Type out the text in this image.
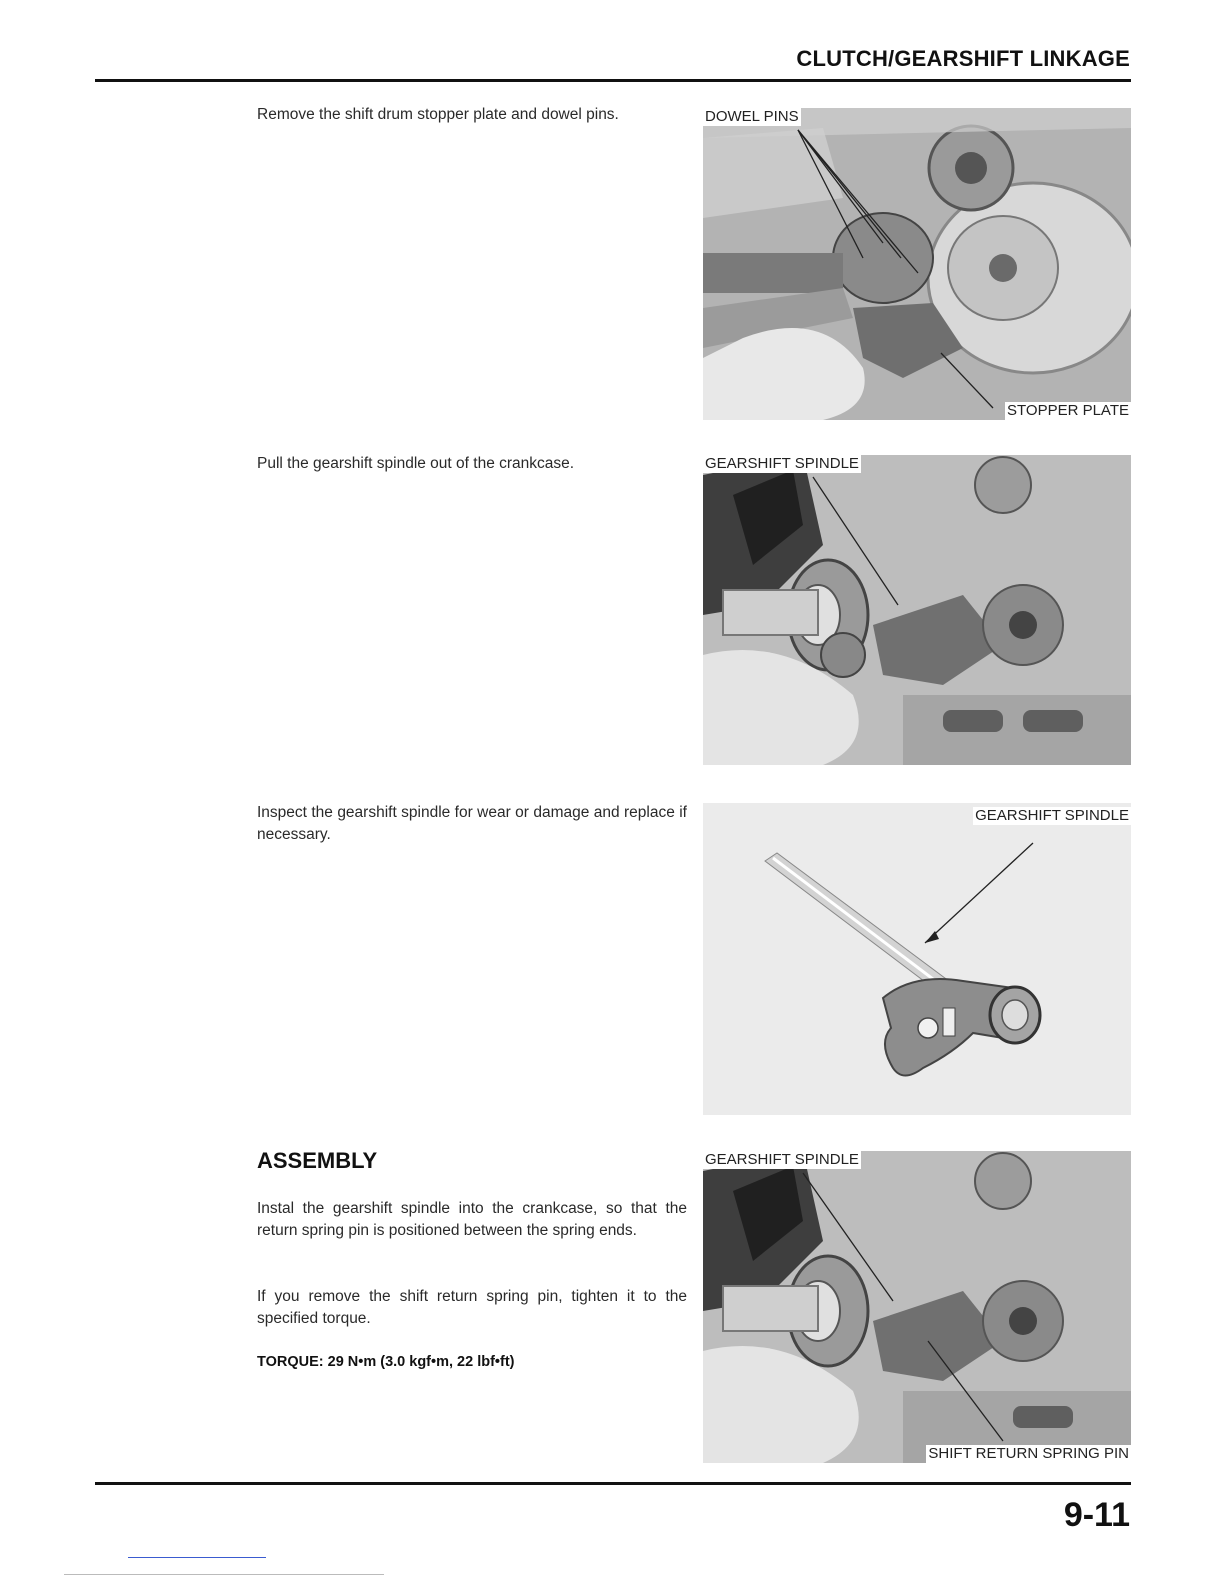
CLUTCH/GEARSHIFT LINKAGE
Remove the shift drum stopper plate and dowel pins.	DOWEL PINS
STOPPER PLATE
Pull the gearshift spindle out of the crankcase.	GEARSHIFT SPINDLE
Inspect the gearshift spindle for wear or damage and replace if necessary.
GEARSHIFT SPINDLE
ASSEMBLY
Instal the gearshift spindle into the crankcase, so that the return spring pin is positioned between the spring ends.
If you remove the shift return spring pin, tighten it to the specified torque.
TORQUE: 29 N•m (3.0 kgf•m, 22 lbf•ft)
GEARSHIFT SPINDLE
SHIFT RETURN SPRING PIN
9-11
